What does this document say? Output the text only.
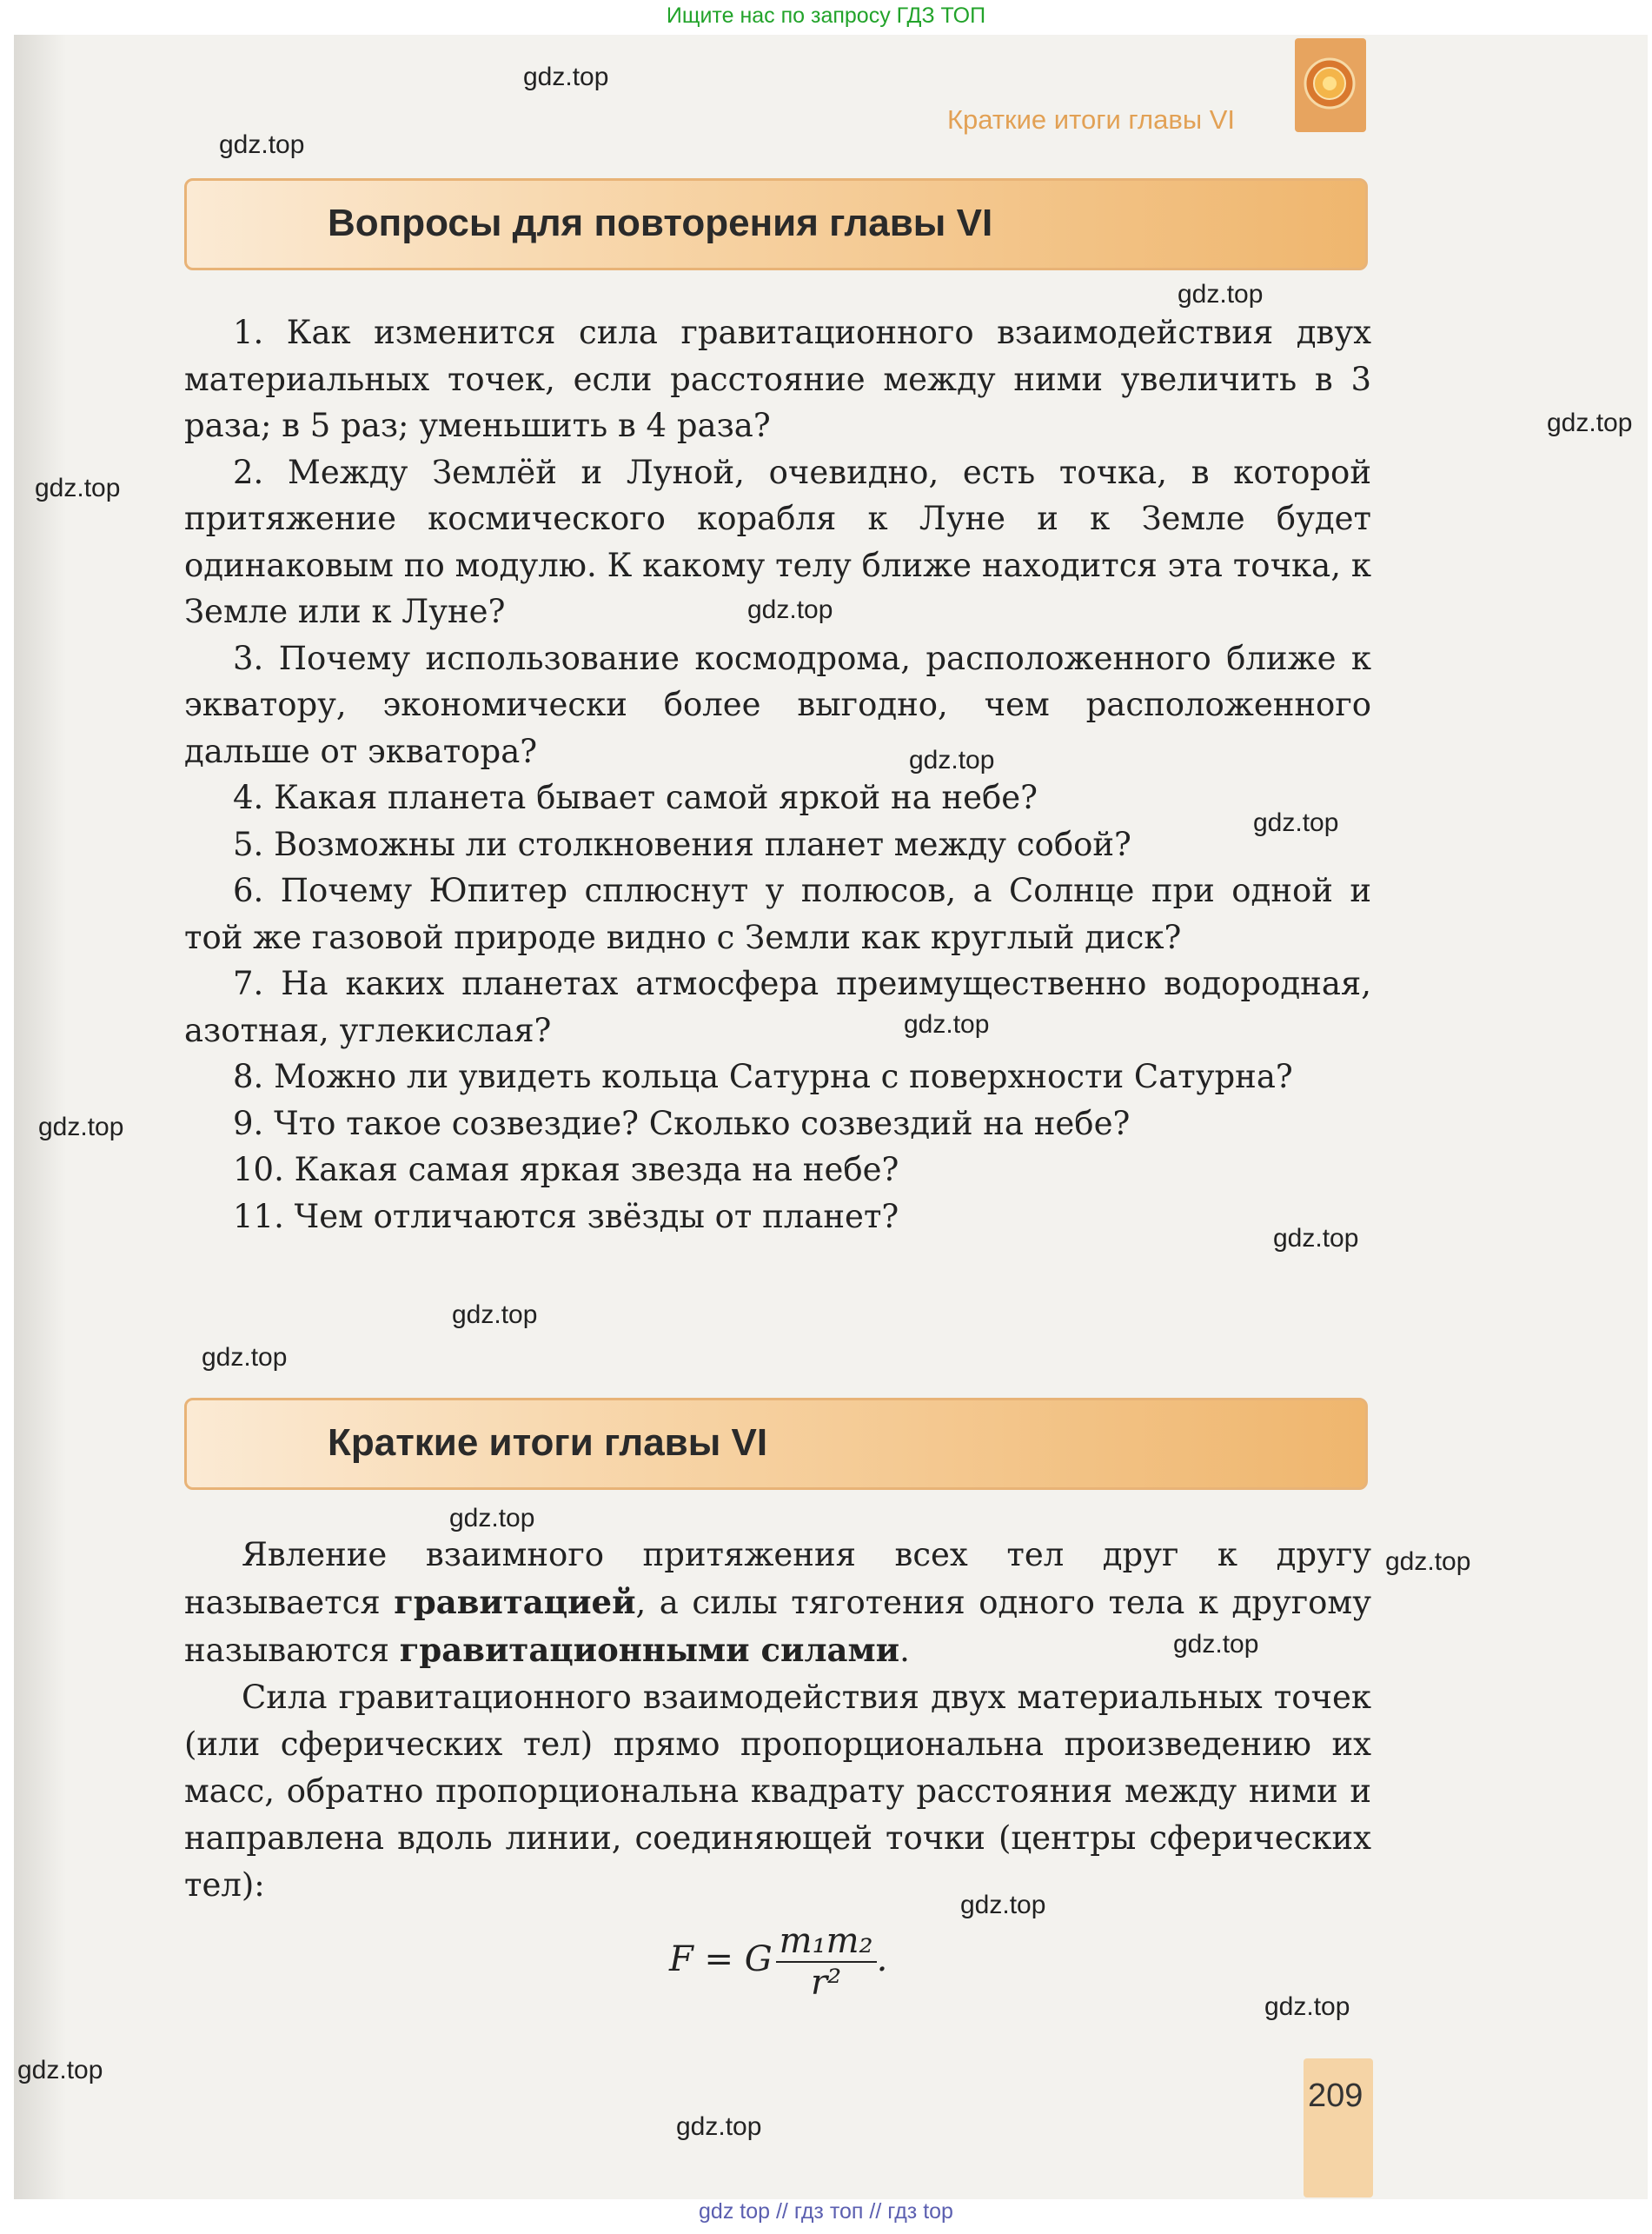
Ищите нас по запросу ГДЗ ТОП
Краткие итоги главы VI
Вопросы для повторения главы VI

1. Как изменится сила гравитационного взаимодействия двух материальных точек, если расстояние между ними увеличить в 3 раза; в 5 раз; уменьшить в 4 раза?

2. Между Землёй и Луной, очевидно, есть точка, в которой притяжение космического корабля к Луне и к Земле будет одинаковым по модулю. К какому телу ближе находится эта точка, к Земле или к Луне?

3. Почему использование космодрома, расположенного ближе к экватору, экономически более выгодно, чем расположенного дальше от экватора?

4. Какая планета бывает самой яркой на небе?

5. Возможны ли столкновения планет между собой?

6. Почему Юпитер сплюснут у полюсов, а Солнце при одной и той же газовой природе видно с Земли как круглый диск?

7. На каких планетах атмосфера преимущественно водородная, азотная, углекислая?

8. Можно ли увидеть кольца Сатурна с поверхности Сатурна?

9. Что такое созвездие? Сколько созвездий на небе?

10. Какая самая яркая звезда на небе?

11. Чем отличаются звёзды от планет?

Краткие итоги главы VI

Явление взаимного притяжения всех тел друг к другу называется гравитацией, а силы тяготения одного тела к другому называются гравитационными силами.

Сила гравитационного взаимодействия двух материальных точек (или сферических тел) прямо пропорциональна произведению их масс, обратно пропорциональна квадрату расстояния между ними и направлена вдоль линии, соединяющей точки (центры сферических тел):

F = G $\frac{\text{m₁m₂}}{\text{r²}}$ .
209
gdz.top
gdz.top
gdz.top
gdz.top
gdz.top
gdz.top
gdz.top
gdz.top
gdz.top
gdz.top
gdz.top
gdz.top
gdz.top
gdz.top
gdz.top
gdz.top
gdz.top
gdz.top
gdz.top
gdz.top
gdz top // гдз топ // гдз top
